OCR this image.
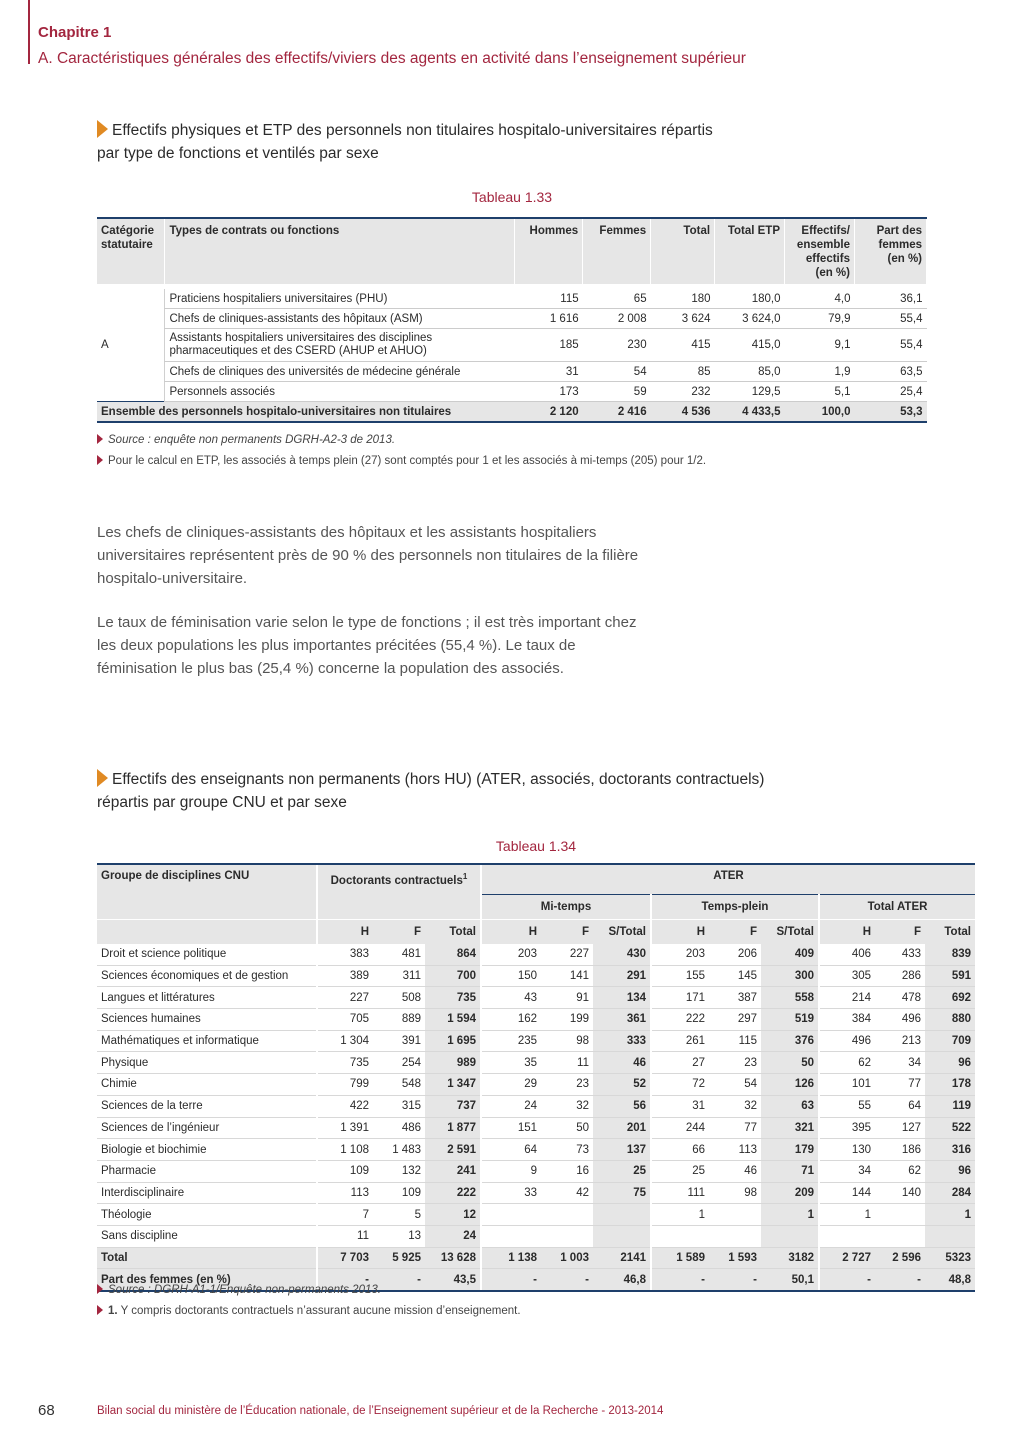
Chapitre 1
A. Caractéristiques générales des effectifs/viviers des agents en activité dans l’enseignement supérieur
Effectifs physiques et ETP des personnels non titulaires hospitalo-universitaires répartis
par type de fonctions et ventilés par sexe
Tableau 1.33
Catégorie statutaire	Types de contrats ou fonctions	Hommes	Femmes	Total	Total ETP	Effectifs/ ensemble effectifs (en %)	Part des femmes (en %)

A	Praticiens hospitaliers universitaires (PHU)	115	65	180	180,0	4,0	36,1
	Chefs de cliniques-assistants des hôpitaux (ASM)	1 616	2 008	3 624	3 624,0	79,9	55,4
	Assistants hospitaliers universitaires des disciplines pharmaceutiques et des CSERD (AHUP et AHUO)	185	230	415	415,0	9,1	55,4
	Chefs de cliniques des universités de médecine générale	31	54	85	85,0	1,9	63,5
	Personnels associés	173	59	232	129,5	5,1	25,4
Ensemble des personnels hospitalo-universitaires non titulaires		2 120	2 416	4 536	4 433,5	100,0	53,3
Source : enquête non permanents DGRH-A2-3 de 2013.
Pour le calcul en ETP, les associés à temps plein (27) sont comptés pour 1 et les associés à mi-temps (205) pour 1/2.
Les chefs de cliniques-assistants des hôpitaux et les assistants hospitaliers universitaires représentent près de 90 % des personnels non titulaires de la filière hospitalo-universitaire.
Le taux de féminisation varie selon le type de fonctions ; il est très important chez les deux populations les plus importantes précitées (55,4 %). Le taux de féminisation le plus bas (25,4 %) concerne la population des associés.
Effectifs des enseignants non permanents (hors HU) (ATER, associés, doctorants contractuels)
répartis par groupe CNU et par sexe
Tableau 1.34
Groupe de disciplines CNU	Doctorants contractuels$^1$			ATER								
				Mi-temps			Temps-plein			Total ATER		
	H	F	Total	H	F	S/Total	H	F	S/Total	H	F	Total
Droit et science politique	383	481	864	203	227	430	203	206	409	406	433	839
Sciences économiques et de gestion	389	311	700	150	141	291	155	145	300	305	286	591
Langues et littératures	227	508	735	43	91	134	171	387	558	214	478	692
Sciences humaines	705	889	1 594	162	199	361	222	297	519	384	496	880
Mathématiques et informatique	1 304	391	1 695	235	98	333	261	115	376	496	213	709
Physique	735	254	989	35	11	46	27	23	50	62	34	96
Chimie	799	548	1 347	29	23	52	72	54	126	101	77	178
Sciences de la terre	422	315	737	24	32	56	31	32	63	55	64	119
Sciences de l’ingénieur	1 391	486	1 877	151	50	201	244	77	321	395	127	522
Biologie et biochimie	1 108	1 483	2 591	64	73	137	66	113	179	130	186	316
Pharmacie	109	132	241	9	16	25	25	46	71	34	62	96
Interdisciplinaire	113	109	222	33	42	75	111	98	209	144	140	284
Théologie	7	5	12				1		1	1		1
Sans discipline	11	13	24									
Total	7 703	5 925	13 628	1 138	1 003	2141	1 589	1 593	3182	2 727	2 596	5323
Part des femmes (en %)	-	-	43,5	-	-	46,8	-	-	50,1	-	-	48,8
Source : DGRH-A1-1/Enquête non-permanents 2013.
1. Y compris doctorants contractuels n’assurant aucune mission d’enseignement.
68	Bilan social du ministère de l’Éducation nationale, de l’Enseignement supérieur et de la Recherche - 2013-2014
